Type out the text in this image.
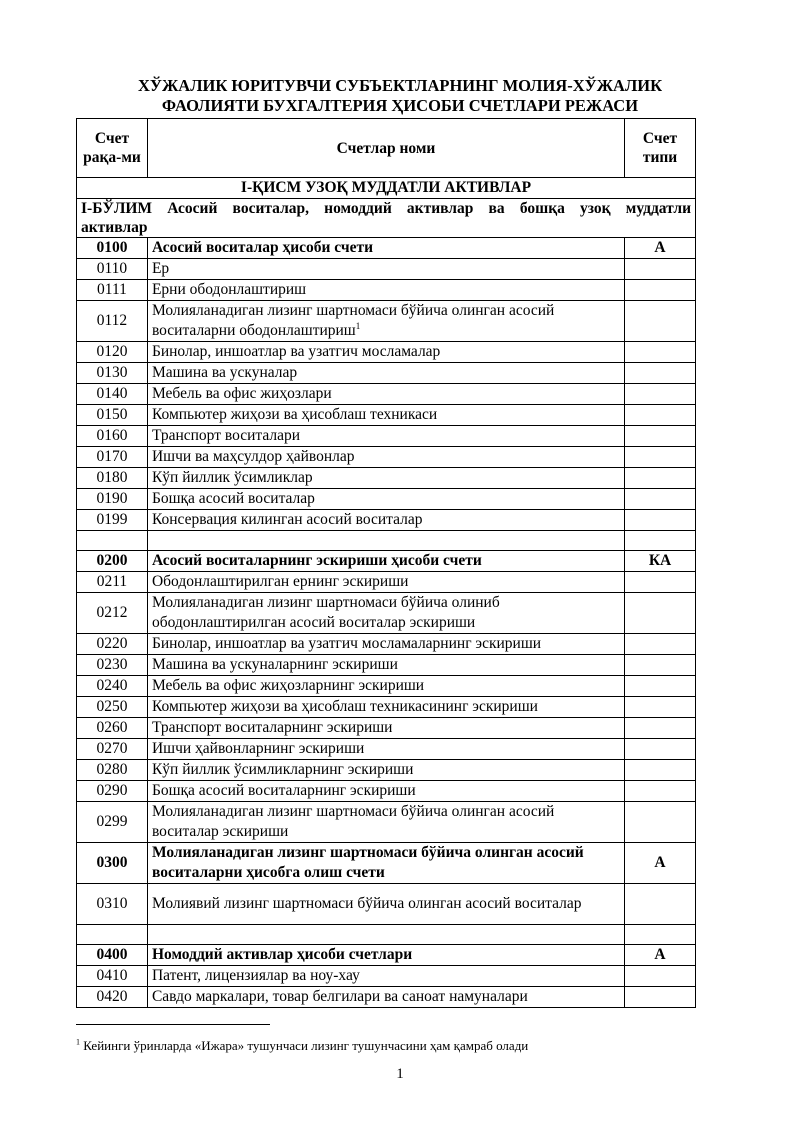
ХЎЖАЛИК ЮРИТУВЧИ СУБЪЕКТЛАРНИНГ МОЛИЯ-ХЎЖАЛИК
ФАОЛИЯТИ БУХГАЛТЕРИЯ ҲИСОБИ СЧЕТЛАРИ РЕЖАСИ
Счет рақа-ми	Счетлар номи	Счет типи
I-ҚИСМ УЗОҚ МУДДАТЛИ АКТИВЛАР		
I-БЎЛИМ Асосий воситалар, номоддий активлар ва бошқа узоқ муддатли
активлар		

0100	Асосий воситалар ҳисоби счети	А
0110	Ер	
0111	Ерни ободонлаштириш	
0112	Молияланадиган лизинг шартномаси бўйича олинган асосий воситаларни ободонлаштириш$^1$	
0120	Бинолар, иншоатлар ва узатгич мосламалар	
0130	Машина ва ускуналар	
0140	Мебель ва офис жиҳозлари	
0150	Компьютер жиҳози ва ҳисоблаш техникаси	
0160	Транспорт воситалари	
0170	Ишчи ва маҳсулдор ҳайвонлар	
0180	Кўп йиллик ўсимликлар	
0190	Бошқа асосий воситалар	
0199	Консервация килинган асосий воситалар	

0200	Асосий воситаларнинг эскириши ҳисоби счети	КА
0211	Ободонлаштирилган ернинг эскириши	
0212	Молияланадиган лизинг шартномаси бўйича олиниб ободонлаштирилган асосий воситалар эскириши	
0220	Бинолар, иншоатлар ва узатгич мосламаларнинг эскириши	
0230	Машина ва ускуналарнинг эскириши	
0240	Мебель ва офис жиҳозларнинг эскириши	
0250	Компьютер жиҳози ва ҳисоблаш техникасининг эскириши	
0260	Транспорт воситаларнинг эскириши	
0270	Ишчи ҳайвонларнинг эскириши	
0280	Кўп йиллик ўсимликларнинг эскириши	
0290	Бошқа асосий воситаларнинг эскириши	
0299	Молияланадиган лизинг шартномаси бўйича олинган асосий воситалар эскириши	
0300	Молияланадиган лизинг шартномаси бўйича олинган асосий воситаларни ҳисобга олиш счети	А
0310	Молиявий лизинг шартномаси бўйича олинган асосий воситалар	

0400	Номоддий активлар ҳисоби счетлари	А
0410	Патент, лицензиялар ва ноу-хау	
0420	Савдо маркалари, товар белгилари ва саноат намуналари	
$^1$ Кейинги ўринларда «Ижара» тушунчаси лизинг тушунчасини ҳам қамраб олади
1
